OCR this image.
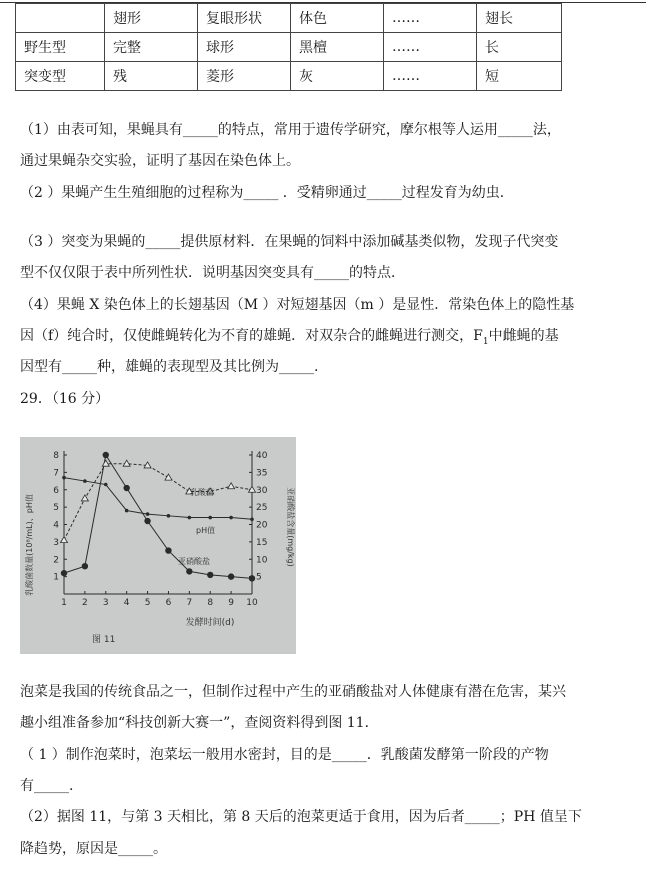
	翅形	复眼形状	体色	……	翅长
野生型	完整	球形	黑檀	……	长
突变型	残	菱形	灰	……	短

（1）由表可知，果蝇具有_____的特点，常用于遗传学研究，摩尔根等人运用_____法，

通过果蝇杂交实验，证明了基因在染色体上。

（2 ）果蝇产生生殖细胞的过程称为_____ ．受精卵通过_____过程发育为幼虫．

（3 ）突变为果蝇的_____提供原材料．在果蝇的饲料中添加碱基类似物，发现子代突变

型不仅仅限于表中所列性状．说明基因突变具有_____的特点．

（4）果蝇 X 染色体上的长翅基因（M ）对短翅基因（m ）是显性．常染色体上的隐性基

因（f）纯合时，仅使雌蝇转化为不育的雄蝇．对双杂合的雌蝇进行测交，$F_1$中雌蝇的基

因型有_____种，雄蝇的表现型及其比例为_____.

29．（16 分）

1 2 3 4 5 6 7 8 9 10
1
2
3
4
5
6
7
8
5
10
15
20
25
30
35
40
乳酸菌数量(10⁸/mL)、pH值	亚硝酸盐含量(mg/kg)
发酵时间(d)
图 11
乳酸菌
pH值
亚硝酸盐

泡菜是我国的传统食品之一，但制作过程中产生的亚硝酸盐对人体健康有潜在危害，某兴

趣小组准备参加“科技创新大赛一”，查阅资料得到图 11．

（ 1 ）制作泡菜时，泡菜坛一般用水密封，目的是_____．乳酸菌发酵第一阶段的产物

有_____.

（2）据图 11，与第 3 天相比，第 8 天后的泡菜更适于食用，因为后者_____；PH 值呈下

降趋势，原因是_____。
